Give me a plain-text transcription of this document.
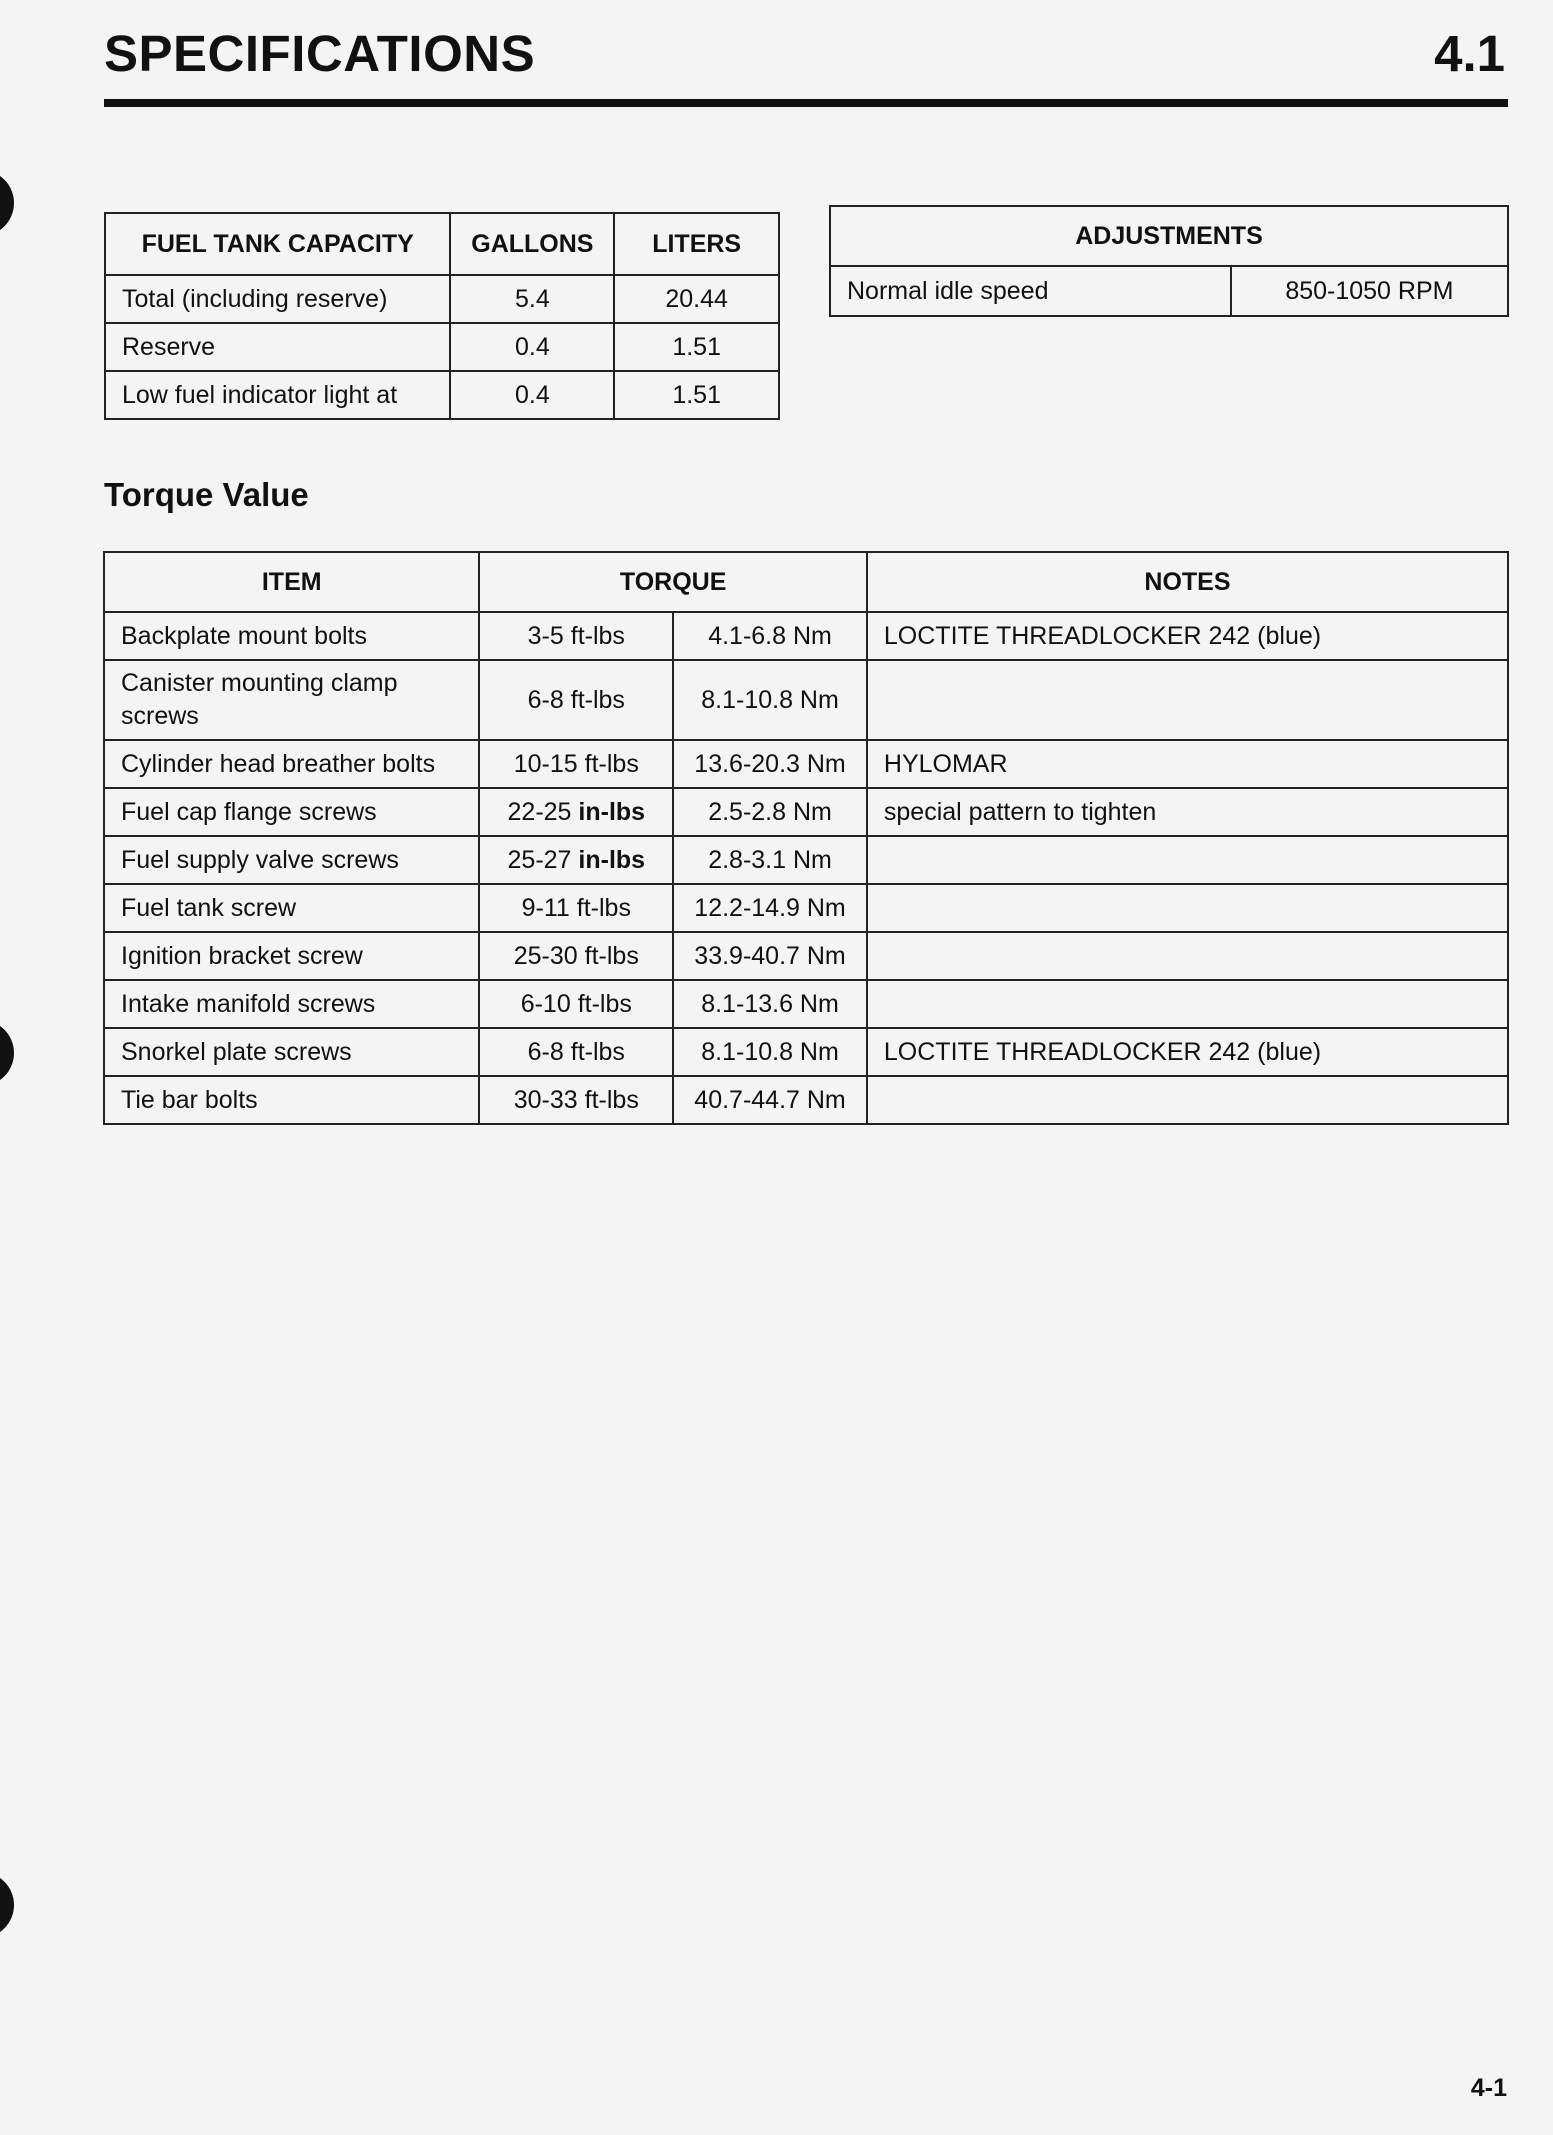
SPECIFICATIONS	4.1
FUEL TANK CAPACITY	GALLONS	LITERS
Total (including reserve)	5.4	20.44
Reserve	0.4	1.51
Low fuel indicator light at	0.4	1.51
ADJUSTMENTS
Normal idle speed	850-1050 RPM
Torque Value
ITEM	TORQUE		NOTES
Backplate mount bolts	3-5 ft-lbs	4.1-6.8 Nm	LOCTITE THREADLOCKER 242 (blue)
Canister mounting clamp screws	6-8 ft-lbs	8.1-10.8 Nm	
Cylinder head breather bolts	10-15 ft-lbs	13.6-20.3 Nm	HYLOMAR
Fuel cap flange screws	22-25 in-lbs	2.5-2.8 Nm	special pattern to tighten
Fuel supply valve screws	25-27 in-lbs	2.8-3.1 Nm	
Fuel tank screw	9-11 ft-lbs	12.2-14.9 Nm	
Ignition bracket screw	25-30 ft-lbs	33.9-40.7 Nm	
Intake manifold screws	6-10 ft-lbs	8.1-13.6 Nm	
Snorkel plate screws	6-8 ft-lbs	8.1-10.8 Nm	LOCTITE THREADLOCKER 242 (blue)
Tie bar bolts	30-33 ft-lbs	40.7-44.7 Nm	
4-1
